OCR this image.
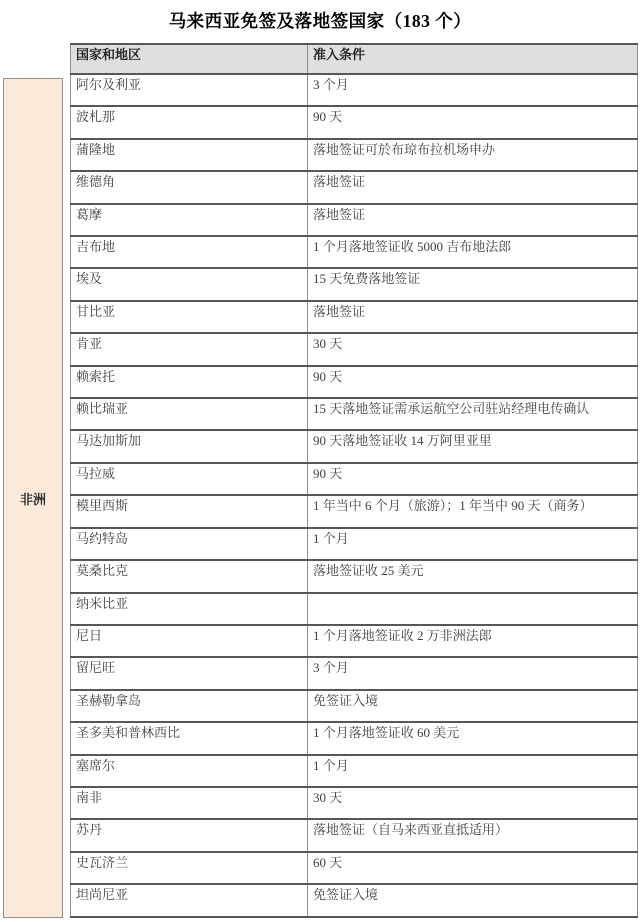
马来西亚免签及落地签国家（183 个）
非洲
国家和地区	准入条件
阿尔及利亚	3 个月
波札那	90 天
蒲隆地	落地签证可於布琼布拉机场申办
维德角	落地签证
葛摩	落地签证
吉布地	1 个月落地签证收 5000 吉布地法郎
埃及	15 天免费落地签证
甘比亚	落地签证
肯亚	30 天
赖索托	90 天
赖比瑞亚	15 天落地签证需承运航空公司驻站经理电传确认
马达加斯加	90 天落地签证收 14 万阿里亚里
马拉威	90 天
模里西斯	1 年当中 6 个月（旅游）；1 年当中 90 天（商务）
马约特岛	1 个月
莫桑比克	落地签证收 25 美元
纳米比亚	
尼日	1 个月落地签证收 2 万非洲法郎
留尼旺	3 个月
圣赫勒拿岛	免签证入境
圣多美和普林西比	1 个月落地签证收 60 美元
塞席尔	1 个月
南非	30 天
苏丹	落地签证（自马来西亚直抵适用）
史瓦济兰	60 天
坦尚尼亚	免签证入境
